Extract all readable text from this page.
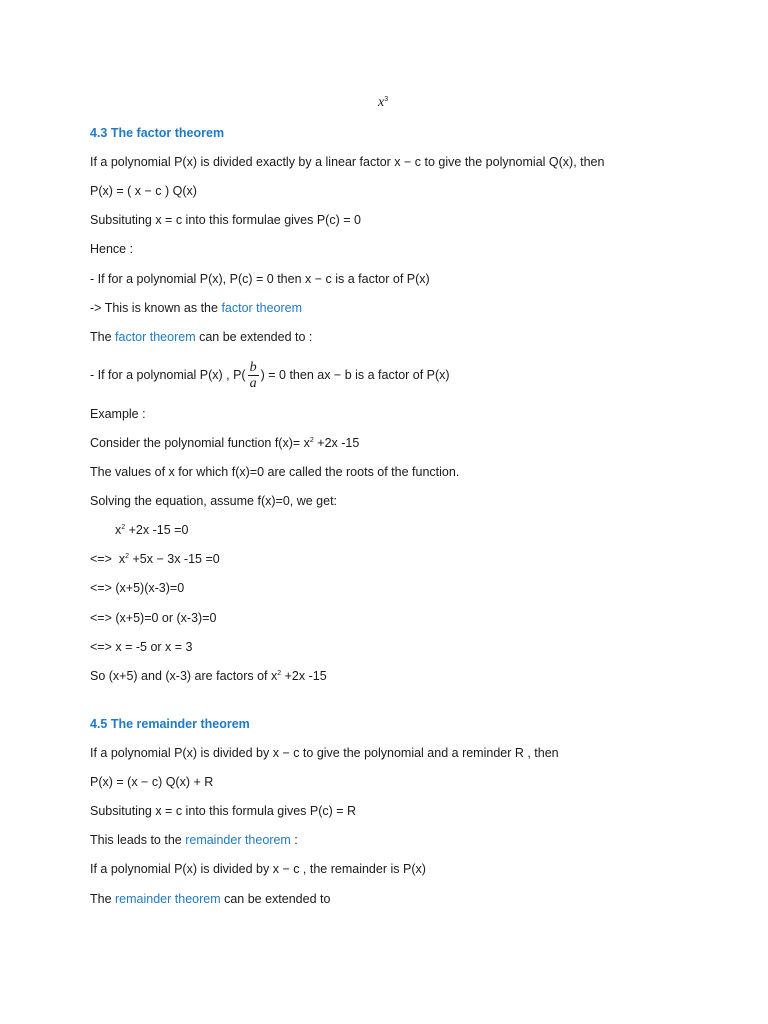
$x^3$
4.3 The factor theorem
If a polynomial P(x) is divided exactly by a linear factor x − c to give the polynomial Q(x), then
P(x) = ( x − c ) Q(x)
Subsituting x = c into this formulae gives P(c) = 0
Hence :
- If for a polynomial P(x), P(c) = 0 then x − c is a factor of P(x)
-> This is known as the factor theorem
The factor theorem can be extended to :
- If for a polynomial P(x) , $P( \frac{b}{a}$ ) = 0 then ax − b is a factor of P(x)
Example :
Consider the polynomial function $f(x)= x^2 +2x$ -15
The values of x for which f(x)=0 are called the roots of the function.
Solving the equation, assume f(x)=0, we get:
$x^2 +2x$ -15 =0
<=>  $x^2 +5x - 3x$ -15 =0
<=> (x+5)(x-3)=0
<=> (x+5)=0 or (x-3)=0
<=> x = -5 or x = 3
So (x+5) and (x-3) are factors of $x^2 +2x$ -15
4.5 The remainder theorem
If a polynomial P(x) is divided by x − c to give the polynomial and a reminder R , then
P(x) = (x − c) Q(x) + R
Subsituting x = c into this formula gives P(c) = R
This leads to the remainder theorem :
If a polynomial P(x) is divided by x − c , the remainder is P(x)
The remainder theorem can be extended to
